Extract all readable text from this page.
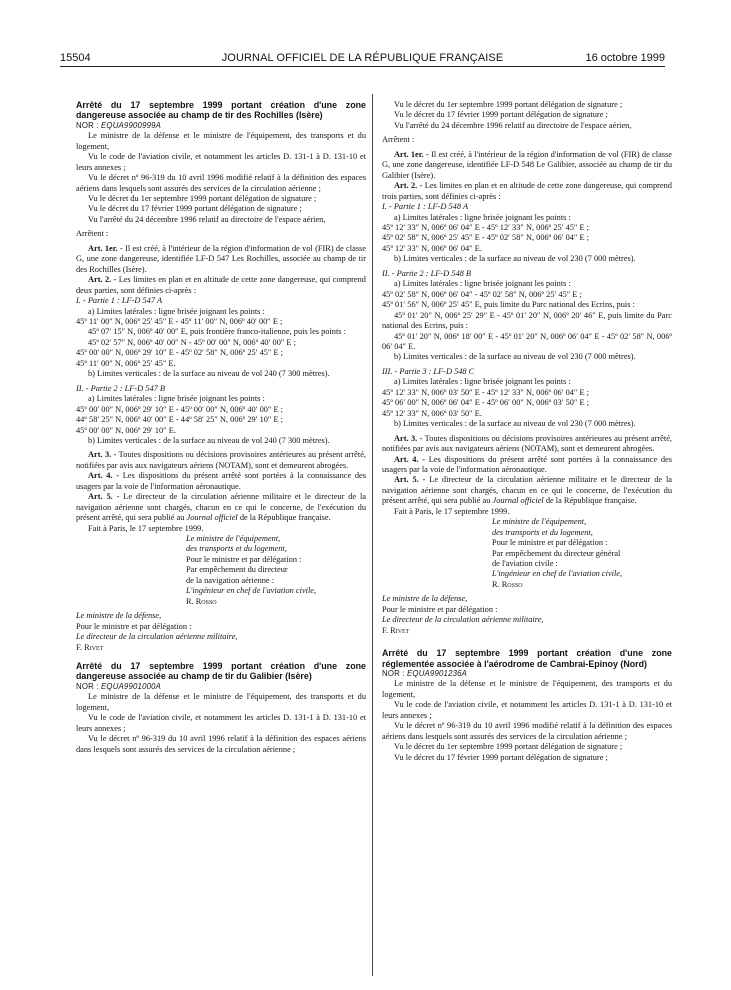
15504	JOURNAL OFFICIEL DE LA RÉPUBLIQUE FRANÇAISE	16 octobre 1999

Arrêté du 17 septembre 1999 portant création d'une zone dangereuse associée au champ de tir des Rochilles (Isère)

NOR : EQUA9900999A

Le ministre de la défense et le ministre de l'équipement, des transports et du logement,

Vu le code de l'aviation civile, et notamment les articles D. 131-1 à D. 131-10 et leurs annexes ;

Vu le décret nº 96-319 du 10 avril 1996 modifié relatif à la définition des espaces aériens dans lesquels sont assurés des services de la circulation aérienne ;

Vu le décret du 1er septembre 1999 portant délégation de signature ;

Vu le décret du 17 février 1999 portant délégation de signature ;

Vu l'arrêté du 24 décembre 1996 relatif au directoire de l'espace aérien,

Arrêtent :

Art. 1er. - Il est créé, à l'intérieur de la région d'information de vol (FIR) de classe G, une zone dangereuse, identifiée LF-D 547 Les Rochilles, associée au champ de tir des Rochilles (Isère).

Art. 2. - Les limites en plan et en altitude de cette zone dangereuse, qui comprend deux parties, sont définies ci-après :

I. - Partie 1 : LF-D 547 A

a) Limites latérales : ligne brisée joignant les points :

45º 11′ 00″ N, 006º 25′ 45″ E - 45º 11′ 00″ N, 006º 40′ 00″ E ;

45º 07′ 15″ N, 006º 40′ 00″ E, puis frontière franco-italienne, puis les points :

45º 02′ 57″ N, 006º 40′ 00″ N - 45º 00′ 00″ N, 006º 40′ 00″ E ;

45º 00′ 00″ N, 006º 29′ 10″ E - 45º 02′ 58″ N, 006º 25′ 45″ E ;

45º 11′ 00″ N, 006º 25′ 45″ E.

b) Limites verticales : de la surface au niveau de vol 240 (7 300 mètres).

II. - Partie 2 : LF-D 547 B

a) Limites latérales : ligne brisée joignant les points :

45º 00′ 00″ N, 006º 29′ 10″ E - 45º 00′ 00″ N, 006º 40′ 00″ E ;

44º 58′ 25″ N, 006º 40′ 00″ E - 44º 58′ 25″ N, 006º 29′ 10″ E ;

45º 00′ 00″ N, 006º 29′ 10″ E.

b) Limites verticales : de la surface au niveau de vol 240 (7 300 mètres).

Art. 3. - Toutes dispositions ou décisions provisoires antérieures au présent arrêté, notifiées par avis aux navigateurs aériens (NOTAM), sont et demeurent abrogées.

Art. 4. - Les dispositions du présent arrêté sont portées à la connaissance des usagers par la voie de l'information aéronautique.

Art. 5. - Le directeur de la circulation aérienne militaire et le directeur de la navigation aérienne sont chargés, chacun en ce qui le concerne, de l'exécution du présent arrêté, qui sera publié au Journal officiel de la République française.

Fait à Paris, le 17 septembre 1999.

Le ministre de l'équipement,

des transports et du logement,

Pour le ministre et par délégation :

Par empêchement du directeur

de la navigation aérienne :

L'ingénieur en chef de l'aviation civile,

R. Rosso

Le ministre de la défense,

Pour le ministre et par délégation :

Le directeur de la circulation aérienne militaire,

F. Rivet

Arrêté du 17 septembre 1999 portant création d'une zone dangereuse associée au champ de tir du Galibier (Isère)

NOR : EQUA9901000A

Le ministre de la défense et le ministre de l'équipement, des transports et du logement,

Vu le code de l'aviation civile, et notamment les articles D. 131-1 à D. 131-10 et leurs annexes ;

Vu le décret nº 96-319 du 10 avril 1996 relatif à la définition des espaces aériens dans lesquels sont assurés des services de la circulation aérienne ;

Vu le décret du 1er septembre 1999 portant délégation de signature ;

Vu le décret du 17 février 1999 portant délégation de signature ;

Vu l'arrêté du 24 décembre 1996 relatif au directoire de l'espace aérien,

Arrêtent :

Art. 1er. - Il est créé, à l'intérieur de la région d'information de vol (FIR) de classe G, une zone dangereuse, identifiée LF-D 548 Le Galibier, associée au champ de tir du Galibier (Isère).

Art. 2. - Les limites en plan et en altitude de cette zone dangereuse, qui comprend trois parties, sont définies ci-après :

I. - Partie 1 : LF-D 548 A

a) Limites latérales : ligne brisée joignant les points :

45º 12′ 33″ N, 006º 06′ 04″ E - 45º 12′ 33″ N, 006º 25′ 45″ E ;

45º 02′ 58″ N, 006º 25′ 45″ E - 45º 02′ 58″ N, 006º 06′ 04″ E ;

45º 12′ 33″ N, 006º 06′ 04″ E.

b) Limites verticales : de la surface au niveau de vol 230 (7 000 mètres).

II. - Partie 2 : LF-D 548 B

a) Limites latérales : ligne brisée joignant les points :

45º 02′ 58″ N, 006º 06′ 04″ - 45º 02′ 58″ N, 006º 25′ 45″ E ;

45º 01′ 56″ N, 006º 25′ 45″ E, puis limite du Parc national des Ecrins, puis :

45º 01′ 20″ N, 006º 25′ 29″ E - 45º 01′ 20″ N, 006º 20′ 46″ E, puis limite du Parc national des Ecrins, puis :

45º 01′ 20″ N, 006º 18′ 00″ E - 45º 01′ 20″ N, 006º 06′ 04″ E - 45º 02′ 58″ N, 006º 06′ 04″ E.

b) Limites verticales : de la surface au niveau de vol 230 (7 000 mètres).

III. - Partie 3 : LF-D 548 C

a) Limites latérales : ligne brisée joignant les points :

45º 12′ 33″ N, 006º 03′ 50″ E - 45º 12′ 33″ N, 006º 06′ 04″ E ;

45º 06′ 00″ N, 006º 06′ 04″ E - 45º 06′ 00″ N, 006º 03′ 50″ E ;

45º 12′ 33″ N, 006º 03′ 50″ E.

b) Limites verticales : de la surface au niveau de vol 230 (7 000 mètres).

Art. 3. - Toutes dispositions ou décisions provisoires antérieures au présent arrêté, notifiées par avis aux navigateurs aériens (NOTAM), sont et demeurent abrogées.

Art. 4. - Les dispositions du présent arrêté sont portées à la connaissance des usagers par la voie de l'information aéronautique.

Art. 5. - Le directeur de la circulation aérienne militaire et le directeur de la navigation aérienne sont chargés, chacun en ce qui le concerne, de l'exécution du présent arrêté, qui sera publié au Journal officiel de la République française.

Fait à Paris, le 17 septembre 1999.

Le ministre de l'équipement,

des transports et du logement,

Pour le ministre et par délégation :

Par empêchement du directeur général

de l'aviation civile :

L'ingénieur en chef de l'aviation civile,

R. Rosso

Le ministre de la défense,

Pour le ministre et par délégation :

Le directeur de la circulation aérienne militaire,

F. Rivet

Arrêté du 17 septembre 1999 portant création d'une zone réglementée associée à l'aérodrome de Cambrai-Epinoy (Nord)

NOR : EQUA9901236A

Le ministre de la défense et le ministre de l'équipement, des transports et du logement,

Vu le code de l'aviation civile, et notamment les articles D. 131-1 à D. 131-10 et leurs annexes ;

Vu le décret nº 96-319 du 10 avril 1996 modifié relatif à la définition des espaces aériens dans lesquels sont assurés des services de la circulation aérienne ;

Vu le décret du 1er septembre 1999 portant délégation de signature ;

Vu le décret du 17 février 1999 portant délégation de signature ;
